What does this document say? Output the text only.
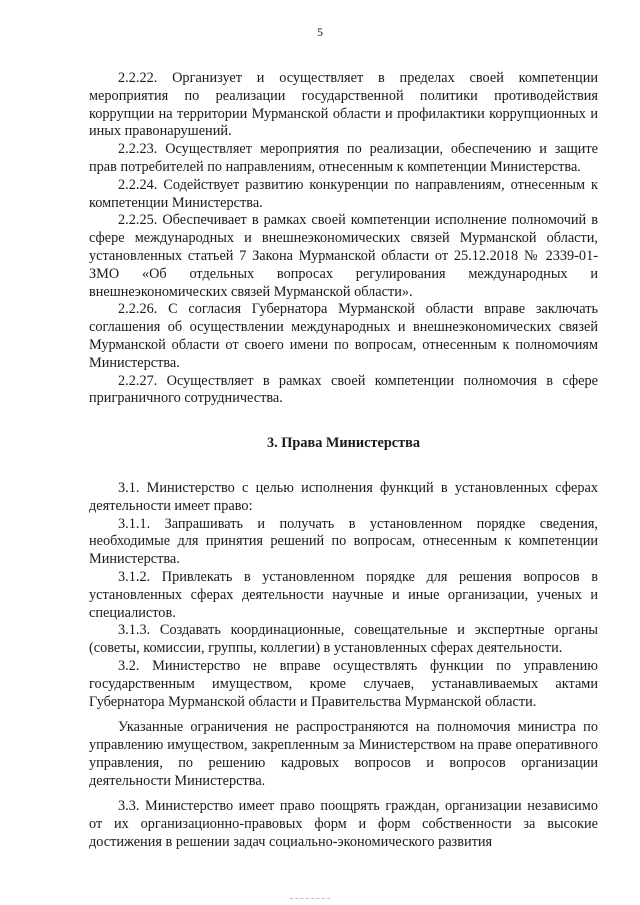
5

2.2.22. Организует и осуществляет в пределах своей компетенции мероприятия по реализации государственной политики противодействия коррупции на территории Мурманской области и профилактики коррупционных и иных правонарушений.

2.2.23. Осуществляет мероприятия по реализации, обеспечению и защите прав потребителей по направлениям, отнесенным к компетенции Министерства.

2.2.24. Содействует развитию конкуренции по направлениям, отнесенным к компетенции Министерства.

2.2.25. Обеспечивает в рамках своей компетенции исполнение полномочий в сфере международных и внешнеэкономических связей Мурманской области, установленных статьей 7 Закона Мурманской области от 25.12.2018 № 2339-01-ЗМО «Об отдельных вопросах регулирования международных и внешнеэкономических связей Мурманской области».

2.2.26. С согласия Губернатора Мурманской области вправе заключать соглашения об осуществлении международных и внешнеэкономических связей Мурманской области от своего имени по вопросам, отнесенным к полномочиям Министерства.

2.2.27. Осуществляет в рамках своей компетенции полномочия в сфере приграничного сотрудничества.

3. Права Министерства

3.1. Министерство с целью исполнения функций в установленных сферах деятельности имеет право:

3.1.1. Запрашивать и получать в установленном порядке сведения, необходимые для принятия решений по вопросам, отнесенным к компетенции Министерства.

3.1.2. Привлекать в установленном порядке для решения вопросов в установленных сферах деятельности научные и иные организации, ученых и специалистов.

3.1.3. Создавать координационные, совещательные и экспертные органы (советы, комиссии, группы, коллегии) в установленных сферах деятельности.

3.2. Министерство не вправе осуществлять функции по управлению государственным имуществом, кроме случаев, устанавливаемых актами Губернатора Мурманской области и Правительства Мурманской области.

Указанные ограничения не распространяются на полномочия министра по управлению имуществом, закрепленным за Министерством на праве оперативного управления, по решению кадровых вопросов и вопросов организации деятельности Министерства.

3.3. Министерство имеет право поощрять граждан, организации независимо от их организационно-правовых форм и форм собственности за высокие достижения в решении задач социально-экономического развития
